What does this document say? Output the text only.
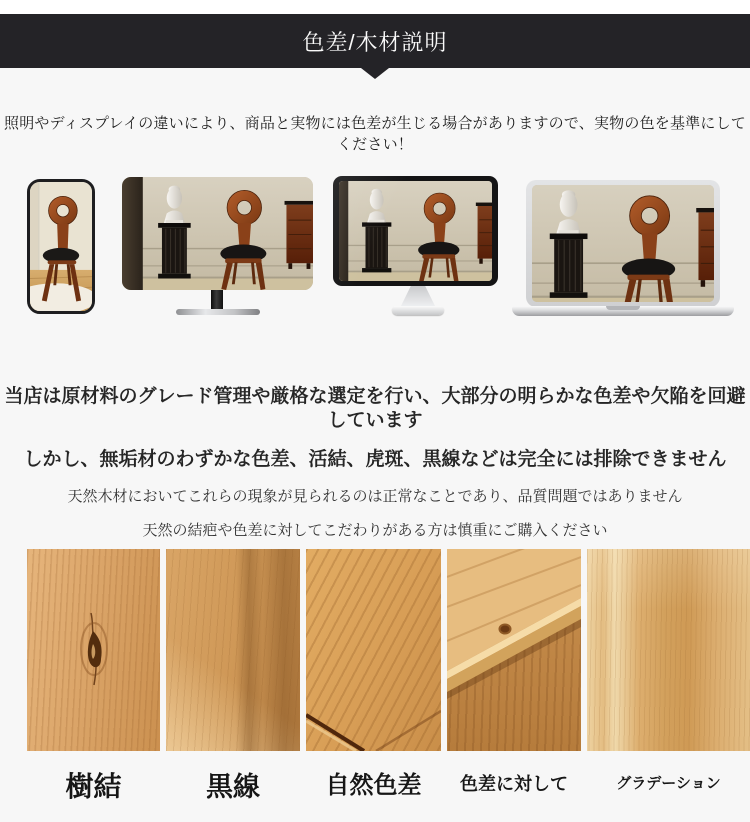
色差/木材説明
照明やディスプレイの違いにより、商品と実物には色差が生じる場合がありますので、実物の色を基準にしてください！
当店は原材料のグレード管理や厳格な選定を行い、大部分の明らかな色差や欠陥を回避しています
しかし、無垢材のわずかな色差、活結、虎斑、黒線などは完全には排除できません
天然木材においてこれらの現象が見られるのは正常なことであり、品質問題ではありません
天然の結疤や色差に対してこだわりがある方は慎重にご購入ください
樹結	黒線	自然色差	色差に対して	グラデーション
